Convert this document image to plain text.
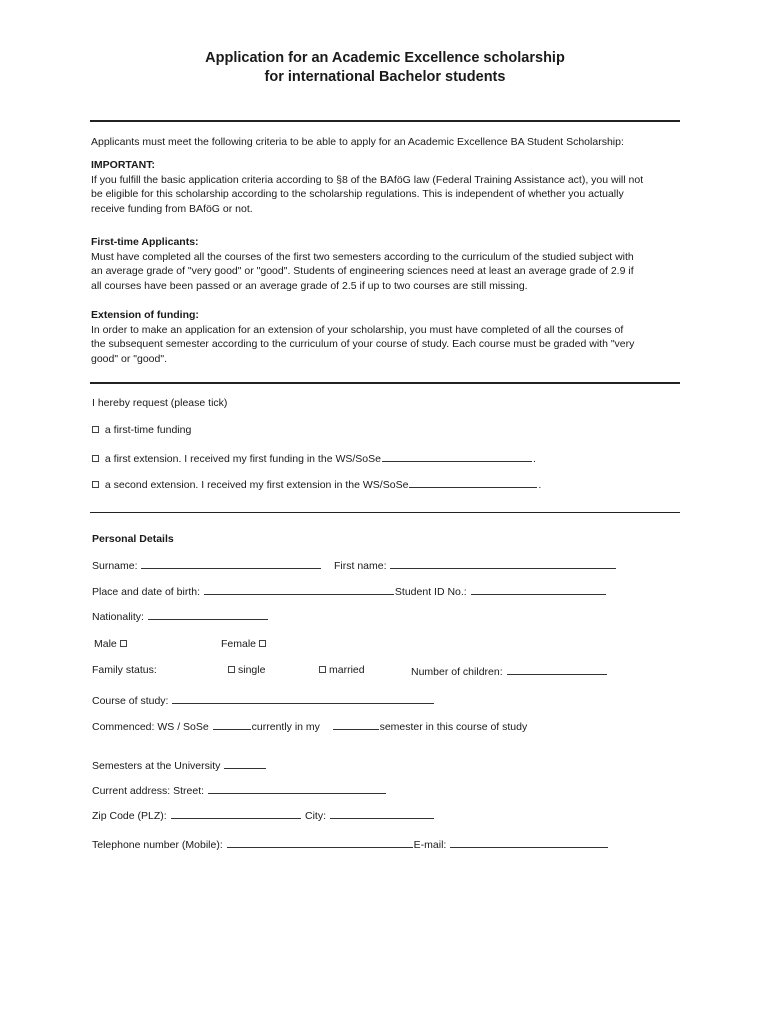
Application for an Academic Excellence scholarship
for international Bachelor students
Applicants must meet the following criteria to be able to apply for an Academic Excellence BA Student Scholarship:
IMPORTANT:
If you fulfill the basic application criteria according to §8 of the BAföG law (Federal Training Assistance act), you will not
be eligible for this scholarship according to the scholarship regulations. This is independent of whether you actually
receive funding from BAföG or not.
First-time Applicants:
Must have completed all the courses of the first two semesters according to the curriculum of the studied subject with
an average grade of "very good" or "good". Students of engineering sciences need at least an average grade of 2.9 if
all courses have been passed or an average grade of 2.5 if up to two courses are still missing.
Extension of funding:
In order to make an application for an extension of your scholarship, you must have completed of all the courses of
the subsequent semester according to the curriculum of your course of study. Each course must be graded with "very
good" or "good".
I hereby request (please tick)
a first-time funding
a first extension. I received my first funding in the WS/SoSe	.
a second extension. I received my first extension in the WS/SoSe	.
Personal Details
Surname:	First name:
Place and date of birth:	Student ID No.:
Nationality:
Male	Female
Family status:	single	married	Number of children:
Course of study:
Commenced: WS / SoSe	currently in my	semester in this course of study
Semesters at the University
Current address: Street:
Zip Code (PLZ):	City:
Telephone number (Mobile):	E-mail:
